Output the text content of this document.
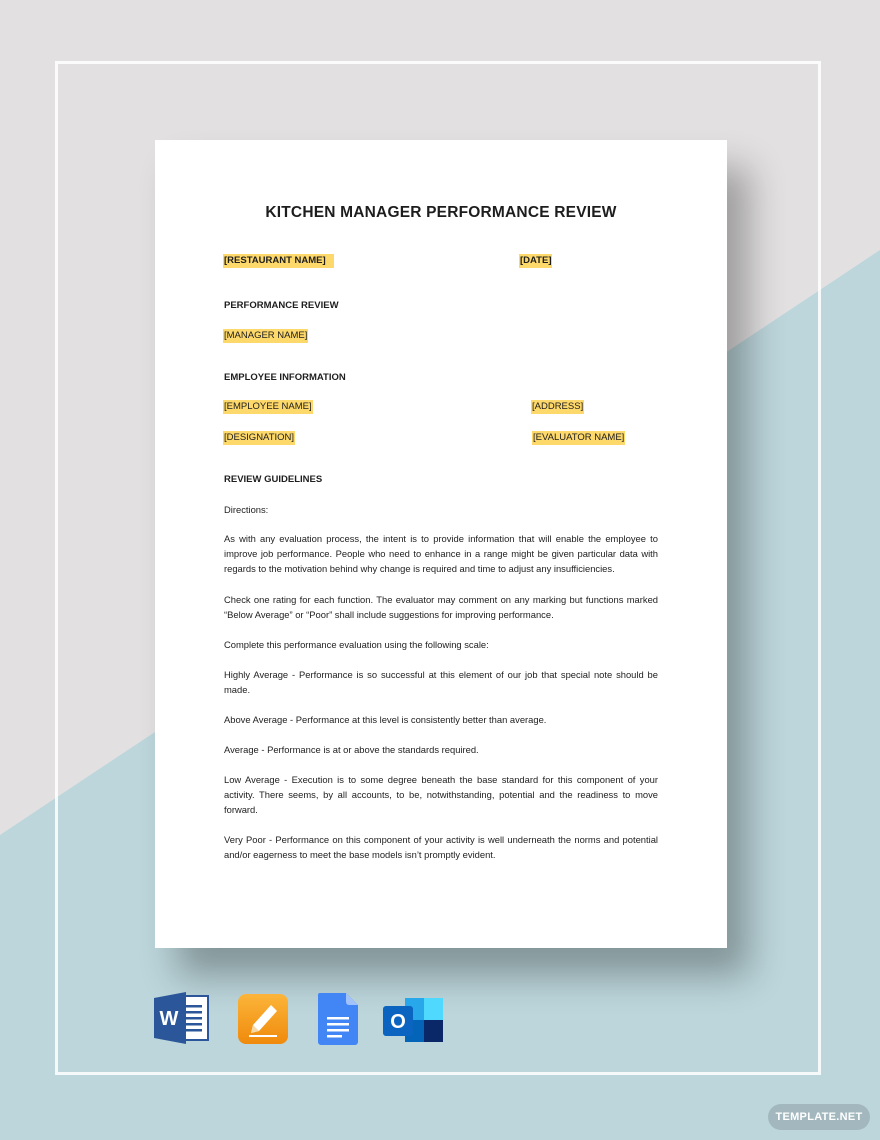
KITCHEN MANAGER PERFORMANCE REVIEW
[RESTAURANT NAME]	[DATE]
PERFORMANCE REVIEW
[MANAGER NAME]
EMPLOYEE INFORMATION
[EMPLOYEE NAME]	[ADDRESS]
[DESIGNATION]	[EVALUATOR NAME]
REVIEW GUIDELINES

Directions:

As with any evaluation process, the intent is to provide information that will enable the employee to improve job performance. People who need to enhance in a range might be given particular data with regards to the motivation behind why change is required and time to adjust any insufficiencies.

Check one rating for each function. The evaluator may comment on any marking but functions marked “Below Average” or “Poor” shall include suggestions for improving performance.

Complete this performance evaluation using the following scale:

Highly Average - Performance is so successful at this element of our job that special note should be made.

Above Average - Performance at this level is consistently better than average.

Average - Performance is at or above the standards required.

Low Average - Execution is to some degree beneath the base standard for this component of your activity. There seems, by all accounts, to be, notwithstanding, potential and the readiness to move forward.

Very Poor - Performance on this component of your activity is well underneath the norms and potential and/or eagerness to meet the base models isn’t promptly evident.

W	O
TEMPLATE.NET
